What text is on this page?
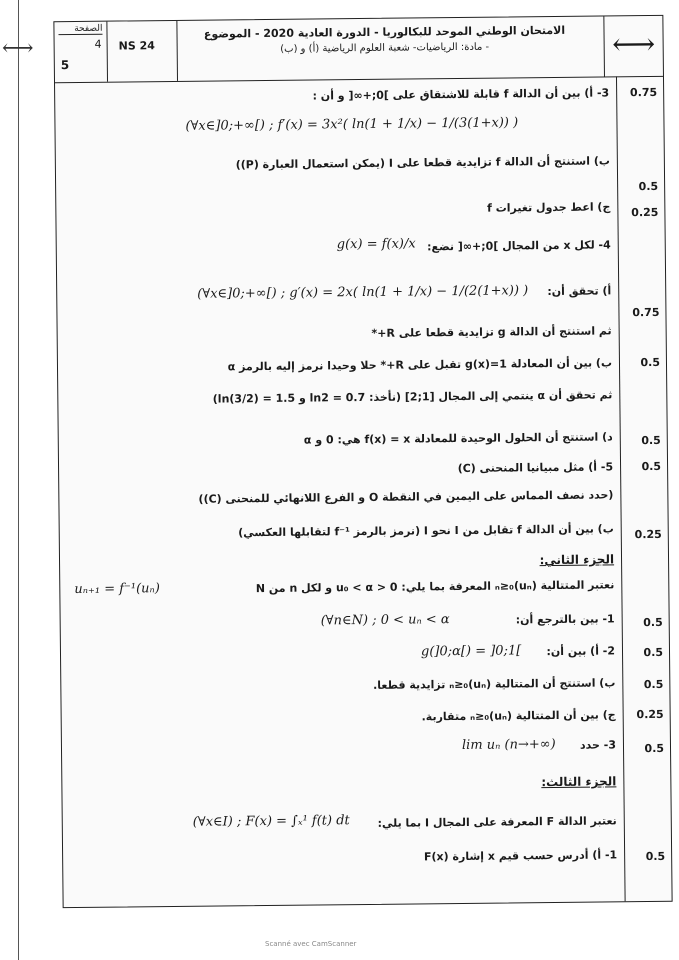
⟷
الصفحة
4
5
NS 24
الامتحان الوطني الموحد للبكالوريا - الدورة العادية 2020 - الموضوع
- مادة: الرياضيات- شعبة العلوم الرياضية (أ) و (ب)	⟷
3- أ) بين أن الدالة f قابلة للاشتقاق على ]0;+∞[ و أن : 0.75
(∀x∈]0;+∞[) ; f′(x) = 3x²( ln(1 + 1/x) − 1/(3(1+x)) )
ب) استنتج أن الدالة f تزايدية قطعا على I (يمكن استعمال العبارة (P))
0.5
ج) اعط جدول تغيرات f 0.25
4- لكل x من المجال ]0;+∞[ نضع:
g(x) = f(x)/x
أ) تحقق أن:
(∀x∈]0;+∞[) ; g′(x) = 2x( ln(1 + 1/x) − 1/(2(1+x)) )
0.75
ثم استنتج أن الدالة g تزايدية قطعا على R+*
ب) بين أن المعادلة g(x)=1 تقبل على R+* حلا وحيدا نرمز إليه بالرمز α	0.5
ثم تحقق أن α ينتمي إلى المجال [1;2] (نأخذ: ln2 = 0.7 و ln(3/2) = 1.5)
د) استنتج أن الحلول الوحيدة للمعادلة f(x) = x هي: 0 و α	0.5
5- أ) مثل مبيانيا المنحنى (C)	0.5
(حدد نصف المماس على اليمين في النقطة O و الفرع اللانهائي للمنحنى (C))
ب) بين أن الدالة f تقابل من I نحو I (نرمز بالرمز f⁻¹ لتقابلها العكسي) 0.25
الجزء الثاني:
نعتبر المتتالية (uₙ)ₙ≥₀ المعرفة بما يلي: 0 < u₀ < α و لكل n من N
uₙ₊₁ = f⁻¹(uₙ)
1- بين بالترجع أن:
(∀n∈N) ; 0 < uₙ < α	0.5
2- أ) بين أن:
g(]0;α[) = ]0;1[	0.5
ب) استنتج أن المتتالية (uₙ)ₙ≥₀ تزايدية قطعا.	0.5
ج) بين أن المتتالية (uₙ)ₙ≥₀ متقاربة. 0.25
3- حدد
lim uₙ (n→+∞)	0.5
الجزء الثالث:
نعتبر الدالة F المعرفة على المجال I بما يلي:
(∀x∈I) ; F(x) = ∫ₓ¹ f(t) dt
1- أ) أدرس حسب قيم x إشارة F(x)	0.5
Scanné avec CamScanner
